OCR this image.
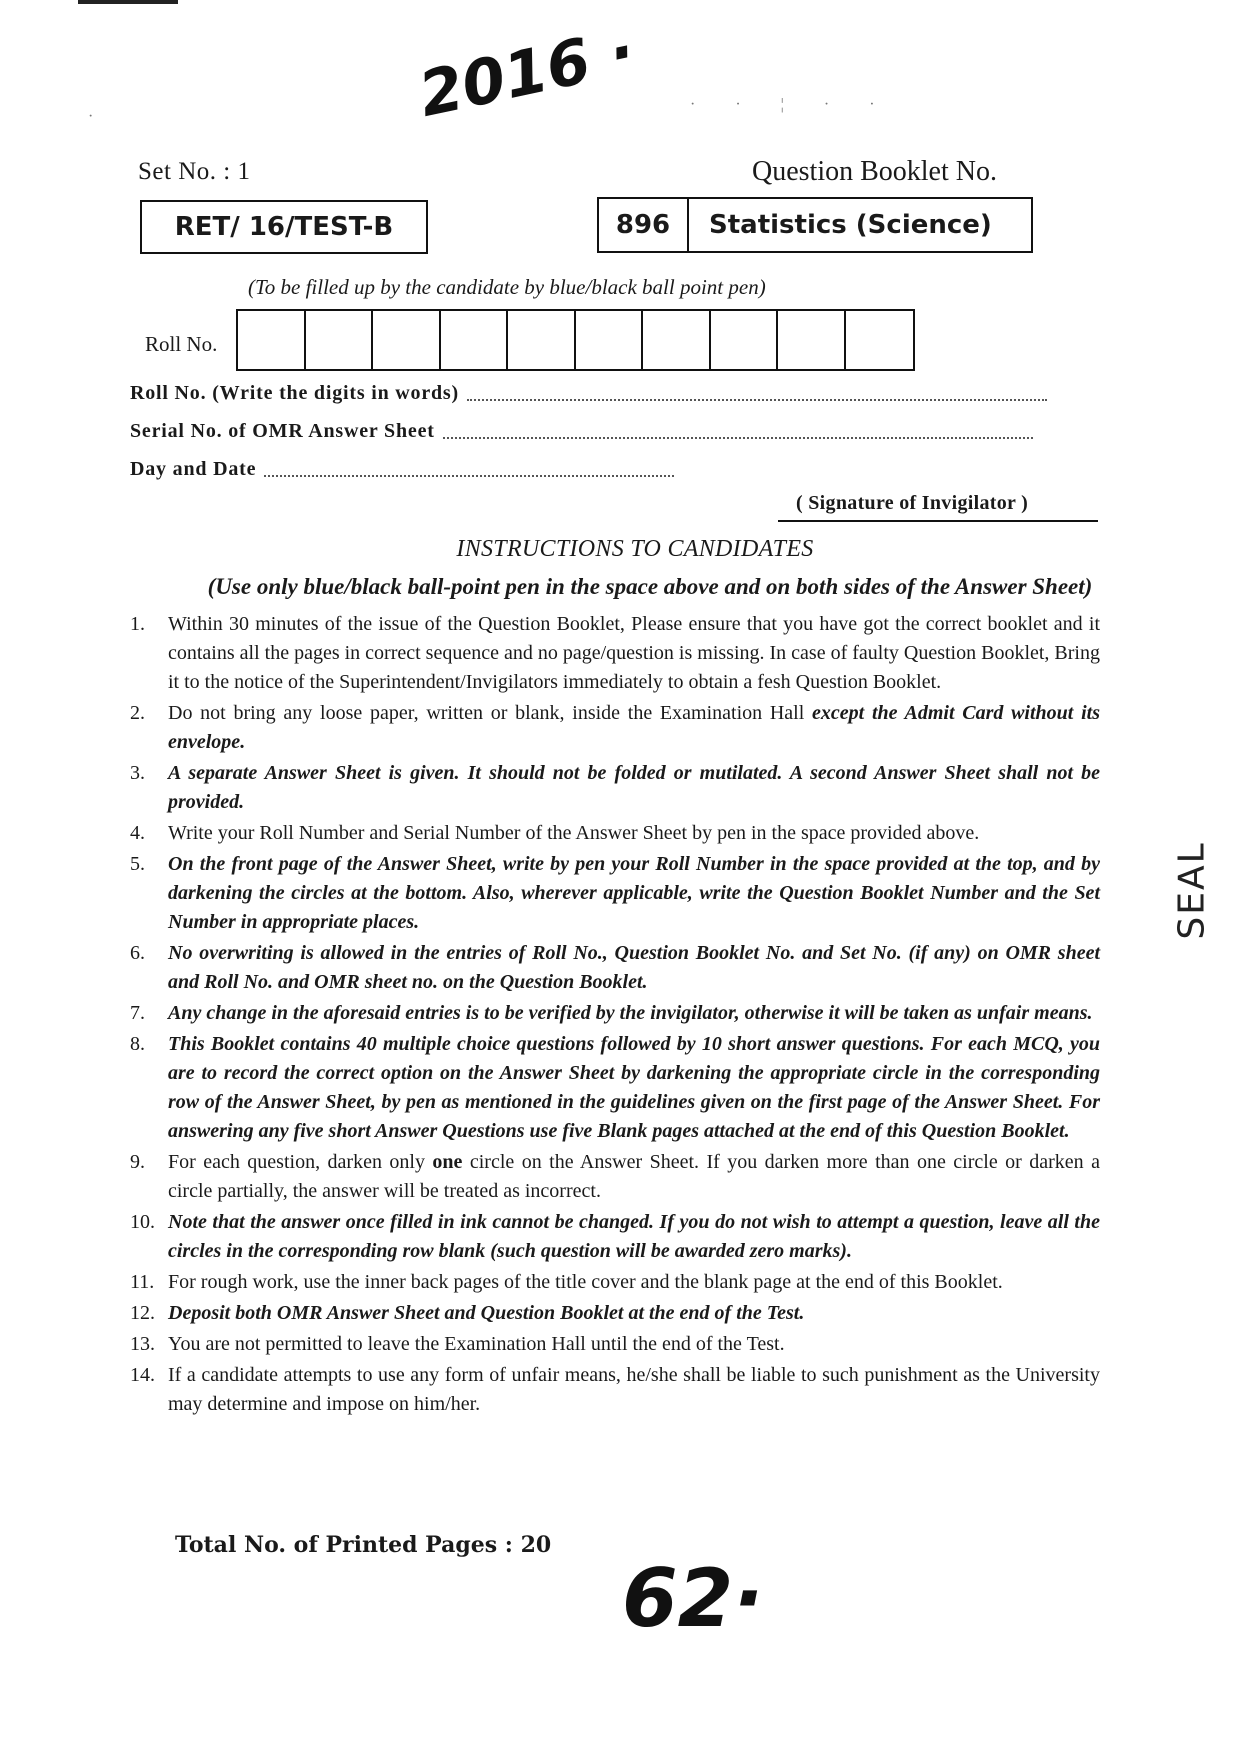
2016 ·
·
· · ¦ · ·
Set No. : 1	Question Booklet No.
RET/ 16/TEST-B	896	Statistics (Science)
(To be filled up by the candidate by blue/black ball point pen)
Roll No.
Roll No. (Write the digits in words)
Serial No. of OMR Answer Sheet
Day and Date
( Signature of Invigilator )
INSTRUCTIONS TO CANDIDATES
(Use only blue/black ball-point pen in the space above and on both sides of the Answer Sheet)
1.	Within 30 minutes of the issue of the Question Booklet, Please ensure that you have got the correct booklet and it contains all the pages in correct sequence and no page/question is missing. In case of faulty Question Booklet, Bring it to the notice of the Superintendent/Invigilators immediately to obtain a fesh Question Booklet.
2.	Do not bring any loose paper, written or blank, inside the Examination Hall except the Admit Card without its envelope.
3.	A separate Answer Sheet is given. It should not be folded or mutilated. A second Answer Sheet shall not be provided.
4.	Write your Roll Number and Serial Number of the Answer Sheet by pen in the space provided above.
5.	On the front page of the Answer Sheet, write by pen your Roll Number in the space provided at the top, and by darkening the circles at the bottom. Also, wherever applicable, write the Question Booklet Number and the Set Number in appropriate places.
6.	No overwriting is allowed in the entries of Roll No., Question Booklet No. and Set No. (if any) on OMR sheet and Roll No. and OMR sheet no. on the Question Booklet.
7.	Any change in the aforesaid entries is to be verified by the invigilator, otherwise it will be taken as unfair means.
8.	This Booklet contains 40 multiple choice questions followed by 10 short answer questions. For each MCQ, you are to record the correct option on the Answer Sheet by darkening the appropriate circle in the corresponding row of the Answer Sheet, by pen as mentioned in the guidelines given on the first page of the Answer Sheet. For answering any five short Answer Questions use five Blank pages attached at the end of this Question Booklet.
9.	For each question, darken only one circle on the Answer Sheet. If you darken more than one circle or darken a circle partially, the answer will be treated as incorrect.
10. Note that the answer once filled in ink cannot be changed. If you do not wish to attempt a question, leave all the circles in the corresponding row blank (such question will be awarded zero marks).
11. For rough work, use the inner back pages of the title cover and the blank page at the end of this Booklet.
12. Deposit both OMR Answer Sheet and Question Booklet at the end of the Test.
13. You are not permitted to leave the Examination Hall until the end of the Test.
14. If a candidate attempts to use any form of unfair means, he/she shall be liable to such punishment as the University may determine and impose on him/her.
Total No. of Printed Pages : 20
62·
SEAL
